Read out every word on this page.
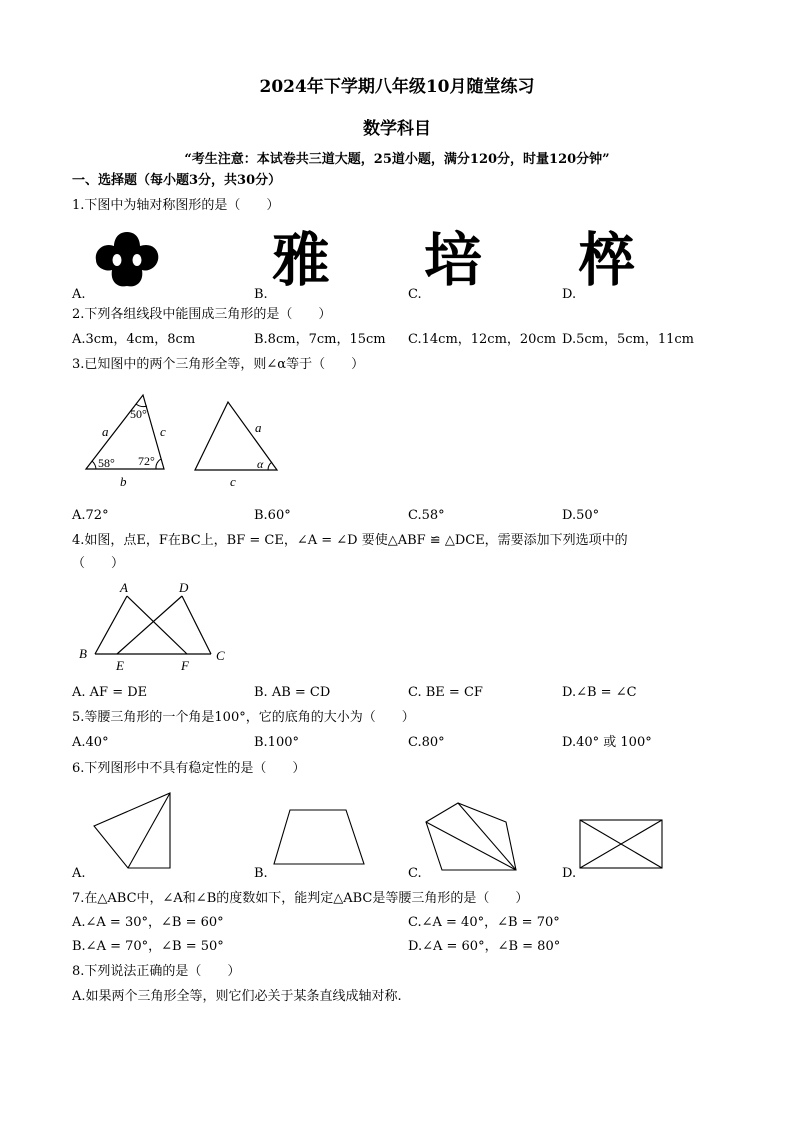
2024年下学期八年级10月随堂练习
数学科目
“考生注意：本试卷共三道大题，25道小题，满分120分，时量120分钟”
一、选择题（每小题3分，共30分）
1.下图中为轴对称图形的是（　　）
A.
雅
B.
培
C.
椊
D.
2.下列各组线段中能围成三角形的是（　　）
A.3cm，4cm，8cm	B.8cm，7cm，15cm C.14cm，12cm，20cm D.5cm，5cm，11cm
3.已知图中的两个三角形全等，则∠α等于（　　）
50°
58° 72°
a	c
b
a
c
α
A.72°	B.60°	C.58°	D.50°
4.如图，点E，F在BC上，BF = CE，∠A = ∠D 要使△ABF ≌ △DCE，需要添加下列选项中的
（　　）
A	D
B	C
E	F
A. AF = DE	B. AB = CD	C. BE = CF	D.∠B = ∠C
5.等腰三角形的一个角是100°，它的底角的大小为（　　）
A.40°	B.100°	C.80°	D.40° 或 100°
6.下列图形中不具有稳定性的是（　　）
A.	B.	C.	D.
7.在△ABC中，∠A和∠B的度数如下，能判定△ABC是等腰三角形的是（　　）
A.∠A = 30°，∠B = 60°	C.∠A = 40°，∠B = 70°
B.∠A = 70°，∠B = 50°	D.∠A = 60°，∠B = 80°
8.下列说法正确的是（　　）
A.如果两个三角形全等，则它们必关于某条直线成轴对称.
